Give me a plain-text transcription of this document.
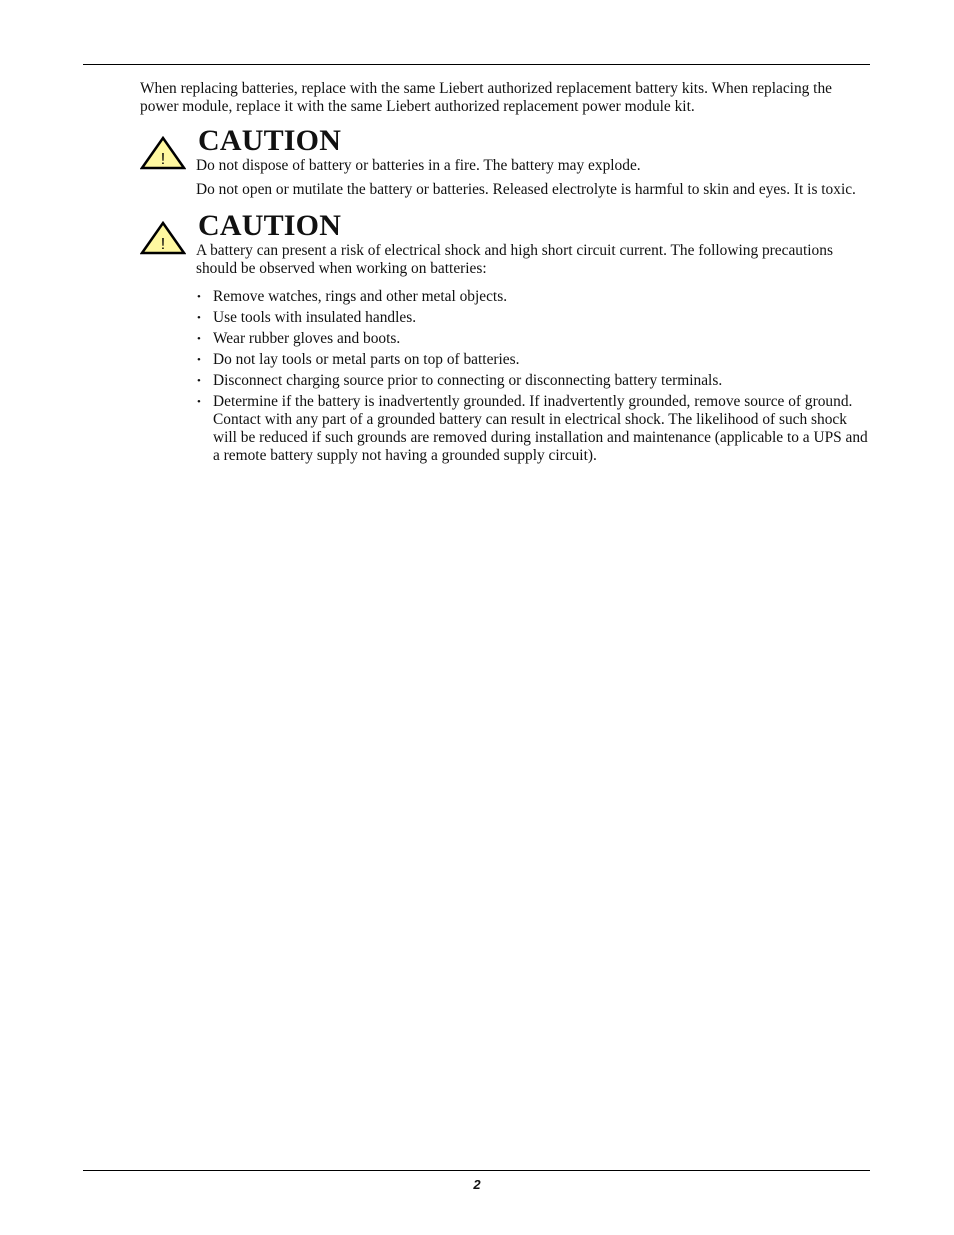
When replacing batteries, replace with the same Liebert authorized replacement battery kits. When replacing the power module, replace it with the same Liebert authorized replacement power module kit.

!
CAUTION

Do not dispose of battery or batteries in a fire. The battery may explode.

Do not open or mutilate the battery or batteries. Released electrolyte is harmful to skin and eyes. It is toxic.

!
CAUTION

A battery can present a risk of electrical shock and high short circuit current. The following precautions should be observed when working on batteries:

• Remove watches, rings and other metal objects.
• Use tools with insulated handles.
• Wear rubber gloves and boots.
• Do not lay tools or metal parts on top of batteries.
• Disconnect charging source prior to connecting or disconnecting battery terminals.
• Determine if the battery is inadvertently grounded. If inadvertently grounded, remove source of ground. Contact with any part of a grounded battery can result in electrical shock. The likelihood of such shock will be reduced if such grounds are removed during installation and maintenance (applicable to a UPS and a remote battery supply not having a grounded supply circuit).
2
